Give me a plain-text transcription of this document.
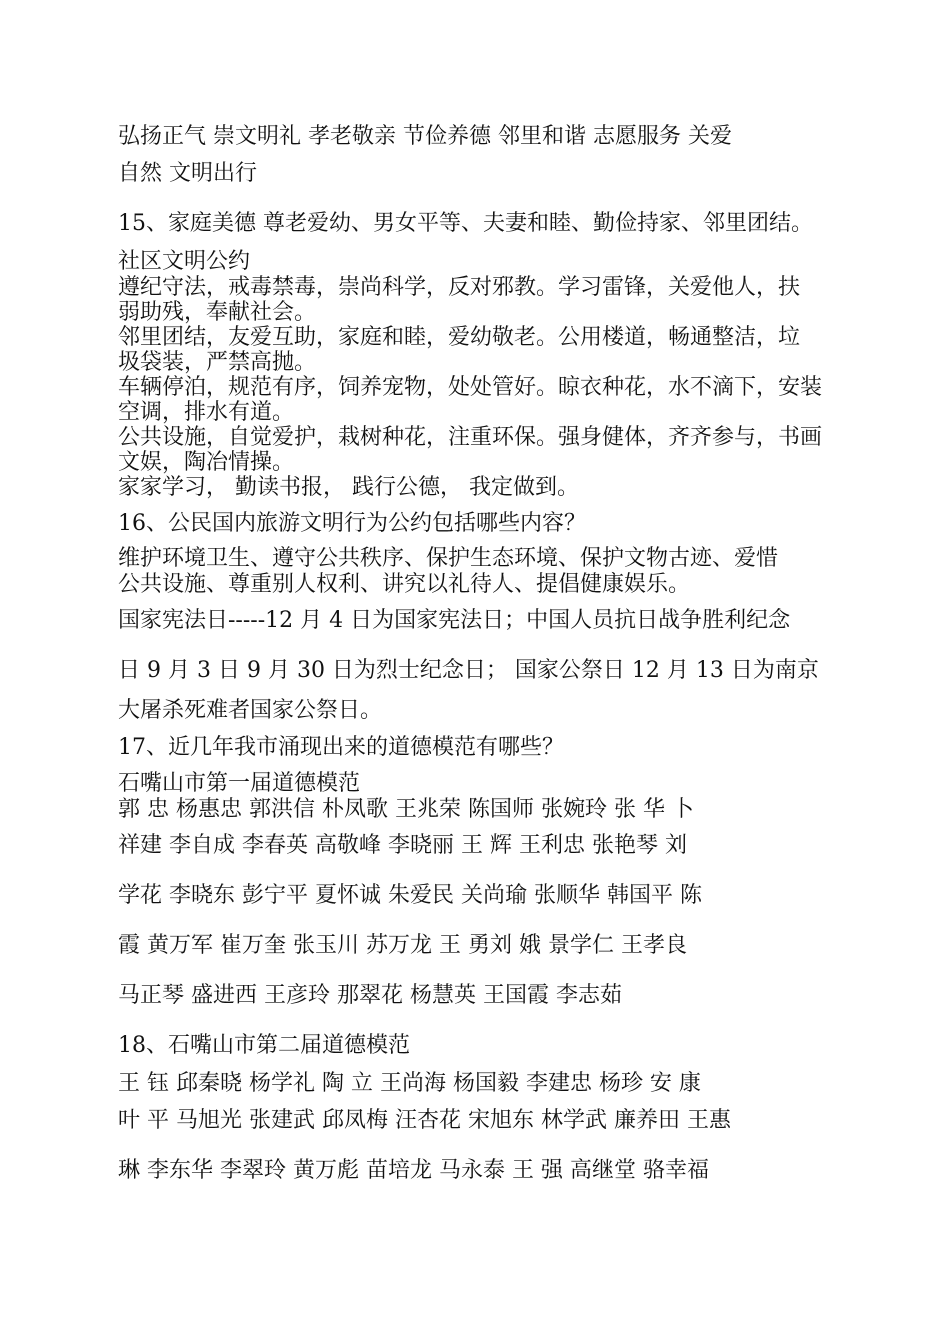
弘扬正气 崇文明礼 孝老敬亲 节俭养德 邻里和谐 志愿服务 关爱
自然 文明出行
15、家庭美德 尊老爱幼、男女平等、夫妻和睦、勤俭持家、邻里团结。
社区文明公约
遵纪守法，戒毒禁毒，崇尚科学，反对邪教。学习雷锋，关爱他人，扶
弱助残，奉献社会。
邻里团结，友爱互助，家庭和睦，爱幼敬老。公用楼道，畅通整洁，垃
圾袋装，严禁高抛。
车辆停泊，规范有序，饲养宠物，处处管好。晾衣种花，水不滴下，安装
空调，排水有道。
公共设施，自觉爱护，栽树种花，注重环保。强身健体，齐齐参与，书画
文娱，陶冶情操。
家家学习， 勤读书报， 践行公德， 我定做到。
16、公民国内旅游文明行为公约包括哪些内容？
维护环境卫生、遵守公共秩序、保护生态环境、保护文物古迹、爱惜
公共设施、尊重别人权利、讲究以礼待人、提倡健康娱乐。
国家宪法日-----12 月 4 日为国家宪法日；中国人员抗日战争胜利纪念
日 9 月 3 日 9 月 30 日为烈士纪念日； 国家公祭日 12 月 13 日为南京
大屠杀死难者国家公祭日。
17、近几年我市涌现出来的道德模范有哪些？
石嘴山市第一届道德模范
郭 忠 杨惠忠 郭洪信 朴凤歌 王兆荣 陈国师 张婉玲 张 华 卜
祥建 李自成 李春英 高敬峰 李晓丽 王 辉 王利忠 张艳琴 刘
学花 李晓东 彭宁平 夏怀诚 朱爱民 关尚瑜 张顺华 韩国平 陈
霞 黄万军 崔万奎 张玉川 苏万龙 王 勇刘 娥 景学仁 王孝良
马正琴 盛进西 王彦玲 那翠花 杨慧英 王国霞 李志茹
18、石嘴山市第二届道德模范
王 钰 邱秦晓 杨学礼 陶 立 王尚海 杨国毅 李建忠 杨珍 安 康
叶 平 马旭光 张建武 邱凤梅 汪杏花 宋旭东 林学武 廉养田 王惠
琳 李东华 李翠玲 黄万彪 苗培龙 马永泰 王 强 高继堂 骆幸福
